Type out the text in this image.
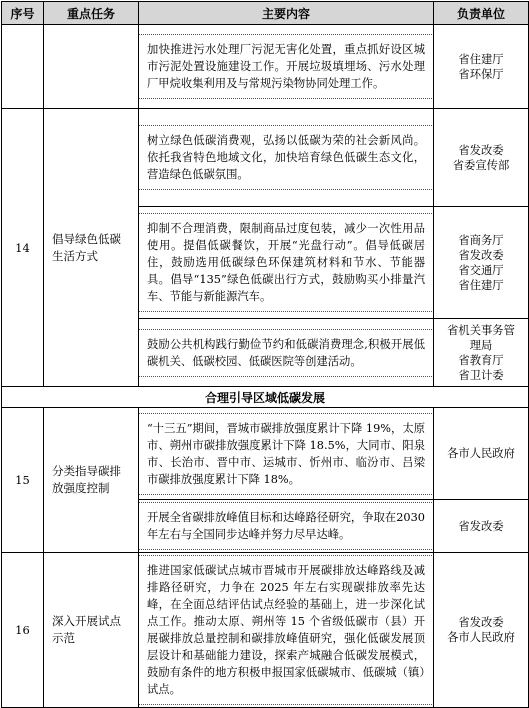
序号	重点任务	主要内容	负责单位

		加快推进污水处理厂污泥无害化处置，重点抓好设区城市污泥处置设施建设工作。开展垃圾填埋场、污水处理厂甲烷收集利用及与常规污染物协同处理工作。	省住建厅
省环保厅

14	倡导绿色低碳生活方式	树立绿色低碳消费观，弘扬以低碳为荣的社会新风尚。依托我省特色地域文化，加快培育绿色低碳生态文化，营造绿色低碳氛围。	省发改委
省委宣传部

		抑制不合理消费，限制商品过度包装，减少一次性用品使用。提倡低碳餐饮，开展“光盘行动”。倡导低碳居住，鼓励选用低碳绿色环保建筑材料和节水、节能器具。倡导“135”绿色低碳出行方式，鼓励购买小排量汽车、节能与新能源汽车。	省商务厅
省发改委
省交通厅
省住建厅

		鼓励公共机构践行勤俭节约和低碳消费理念,积极开展低碳机关、低碳校园、低碳医院等创建活动。	省机关事务管
理局
省教育厅
省卫计委

合理引导区域低碳发展			
15	分类指导碳排放强度控制	“十三五”期间，晋城市碳排放强度累计下降 19%，太原市、朔州市碳排放强度累计下降 18.5%，大同市、阳泉市、长治市、晋中市、运城市、忻州市、临汾市、吕梁市碳排放强度累计下降 18%。	各市人民政府

		开展全省碳排放峰值目标和达峰路径研究，争取在2030 年左右与全国同步达峰并努力尽早达峰。	省发改委

16	深入开展试点示范	推进国家低碳试点城市晋城市开展碳排放达峰路线及减排路径研究，力争在 2025 年左右实现碳排放率先达峰，在全面总结评估试点经验的基础上，进一步深化试点工作。推动太原、朔州等 15 个省级低碳市（县）开展碳排放总量控制和碳排放峰值研究，强化低碳发展顶层设计和基础能力建设，探索产城融合低碳发展模式，鼓励有条件的地方积极申报国家低碳城市、低碳城（镇）试点。	省发改委
各市人民政府
